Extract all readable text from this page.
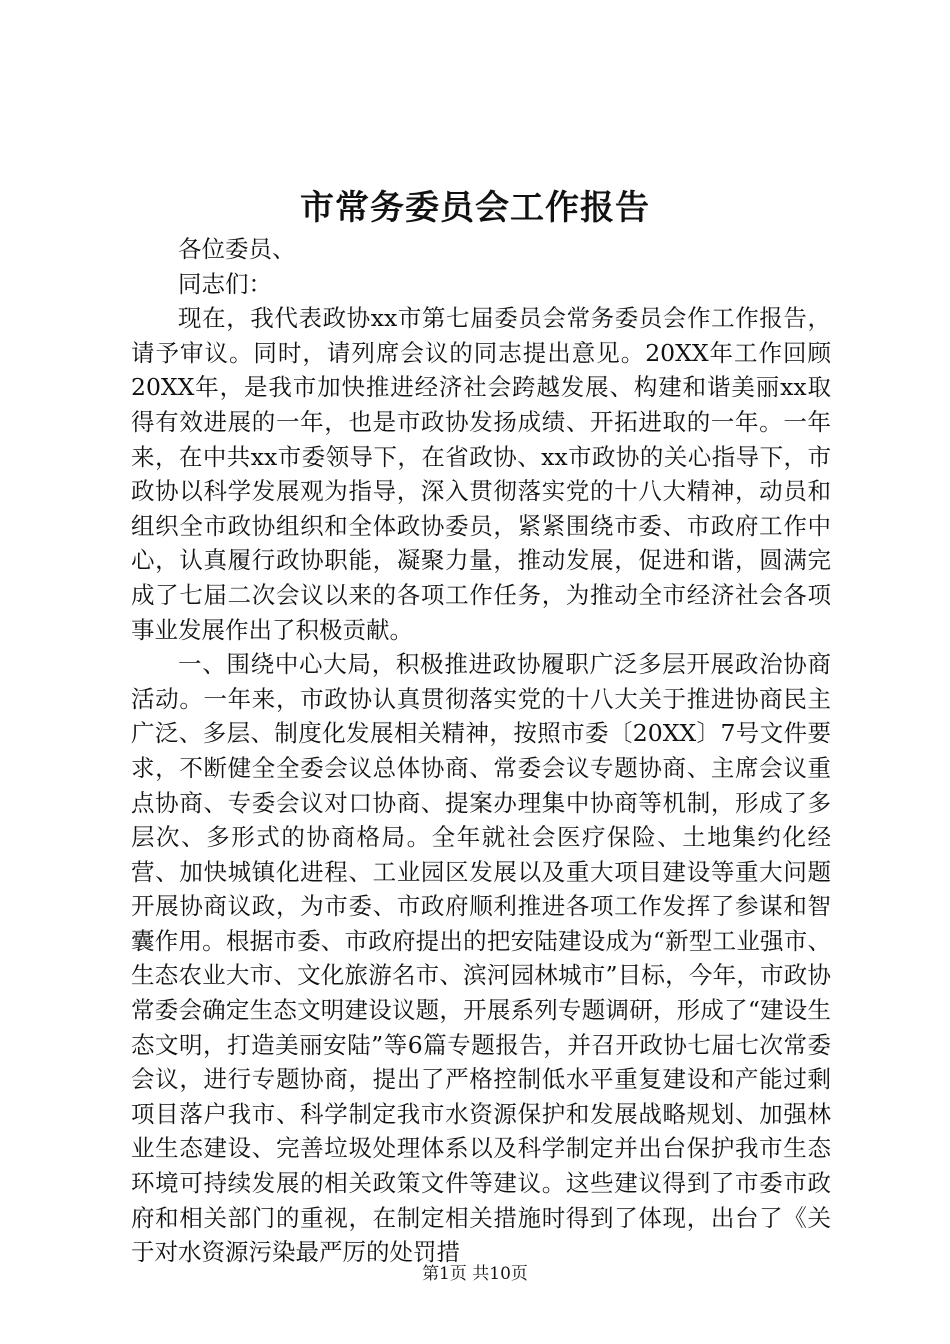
市常务委员会工作报告

各位委员、

同志们：

现在，我代表政协xx市第七届委员会常务委员会作工作报告，请予审议。同时，请列席会议的同志提出意见。20XX年工作回顾20XX年，是我市加快推进经济社会跨越发展、构建和谐美丽xx取得有效进展的一年，也是市政协发扬成绩、开拓进取的一年。一年来，在中共xx市委领导下，在省政协、xx市政协的关心指导下，市政协以科学发展观为指导，深入贯彻落实党的十八大精神，动员和组织全市政协组织和全体政协委员，紧紧围绕市委、市政府工作中心，认真履行政协职能，凝聚力量，推动发展，促进和谐，圆满完成了七届二次会议以来的各项工作任务，为推动全市经济社会各项事业发展作出了积极贡献。

一、围绕中心大局，积极推进政协履职广泛多层开展政治协商活动。一年来，市政协认真贯彻落实党的十八大关于推进协商民主广泛、多层、制度化发展相关精神，按照市委〔20XX〕7号文件要求，不断健全全委会议总体协商、常委会议专题协商、主席会议重点协商、专委会议对口协商、提案办理集中协商等机制，形成了多层次、多形式的协商格局。全年就社会医疗保险、土地集约化经营、加快城镇化进程、工业园区发展以及重大项目建设等重大问题开展协商议政，为市委、市政府顺利推进各项工作发挥了参谋和智囊作用。根据市委、市政府提出的把安陆建设成为“新型工业强市、生态农业大市、文化旅游名市、滨河园林城市”目标，今年，市政协常委会确定生态文明建设议题，开展系列专题调研，形成了“建设生态文明，打造美丽安陆”等6篇专题报告，并召开政协七届七次常委会议，进行专题协商，提出了严格控制低水平重复建设和产能过剩项目落户我市、科学制定我市水资源保护和发展战略规划、加强林业生态建设、完善垃圾处理体系以及科学制定并出台保护我市生态环境可持续发展的相关政策文件等建议。这些建议得到了市委市政府和相关部门的重视，在制定相关措施时得到了体现，出台了《关于对水资源污染最严厉的处罚措

第1页 共10页
